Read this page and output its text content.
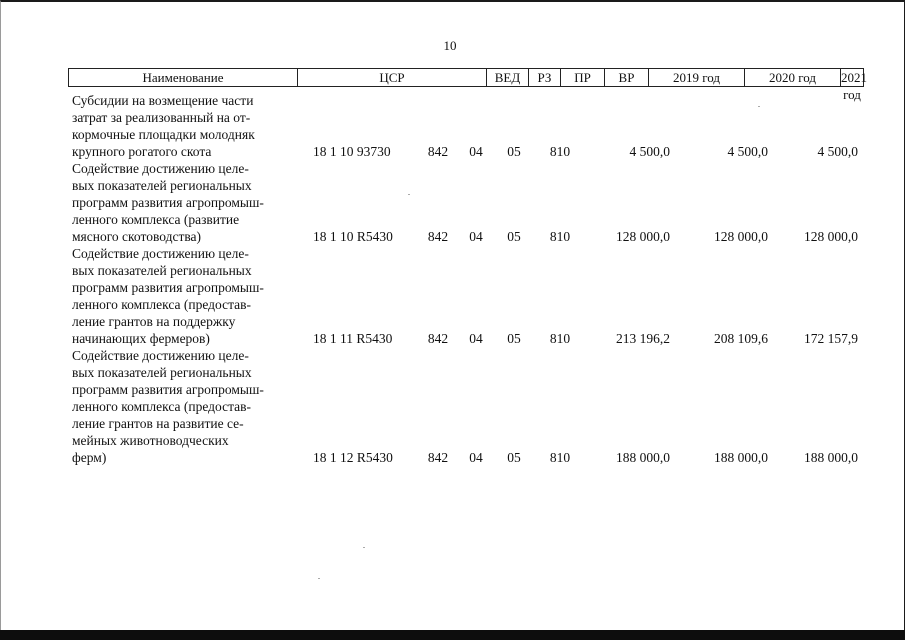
10
Наименование	ЦСР	ВЕД	РЗ	ПР	ВР	2019 год	2020 год	2021 год
Субсидии на возмещение части
затрат за реализованный на от-
кормочные площадки молодняк
крупного рогатого скота	18 1 10 93730	842	04	05	810	4 500,0	4 500,0	4 500,0
Содействие достижению целе-
вых показателей региональных
программ развития агропромыш-
ленного комплекса (развитие
мясного скотоводства)	18 1 10 R5430	842	04	05	810	128 000,0	128 000,0	128 000,0
Содействие достижению целе-
вых показателей региональных
программ развития агропромыш-
ленного комплекса (предостав-
ление грантов на поддержку
начинающих фермеров)	18 1 11 R5430	842	04	05	810	213 196,2	208 109,6	172 157,9
Содействие достижению целе-
вых показателей региональных
программ развития агропромыш-
ленного комплекса (предостав-
ление грантов на развитие се-
мейных животноводческих
ферм)	18 1 12 R5430	842	04	05	810	188 000,0	188 000,0	188 000,0
